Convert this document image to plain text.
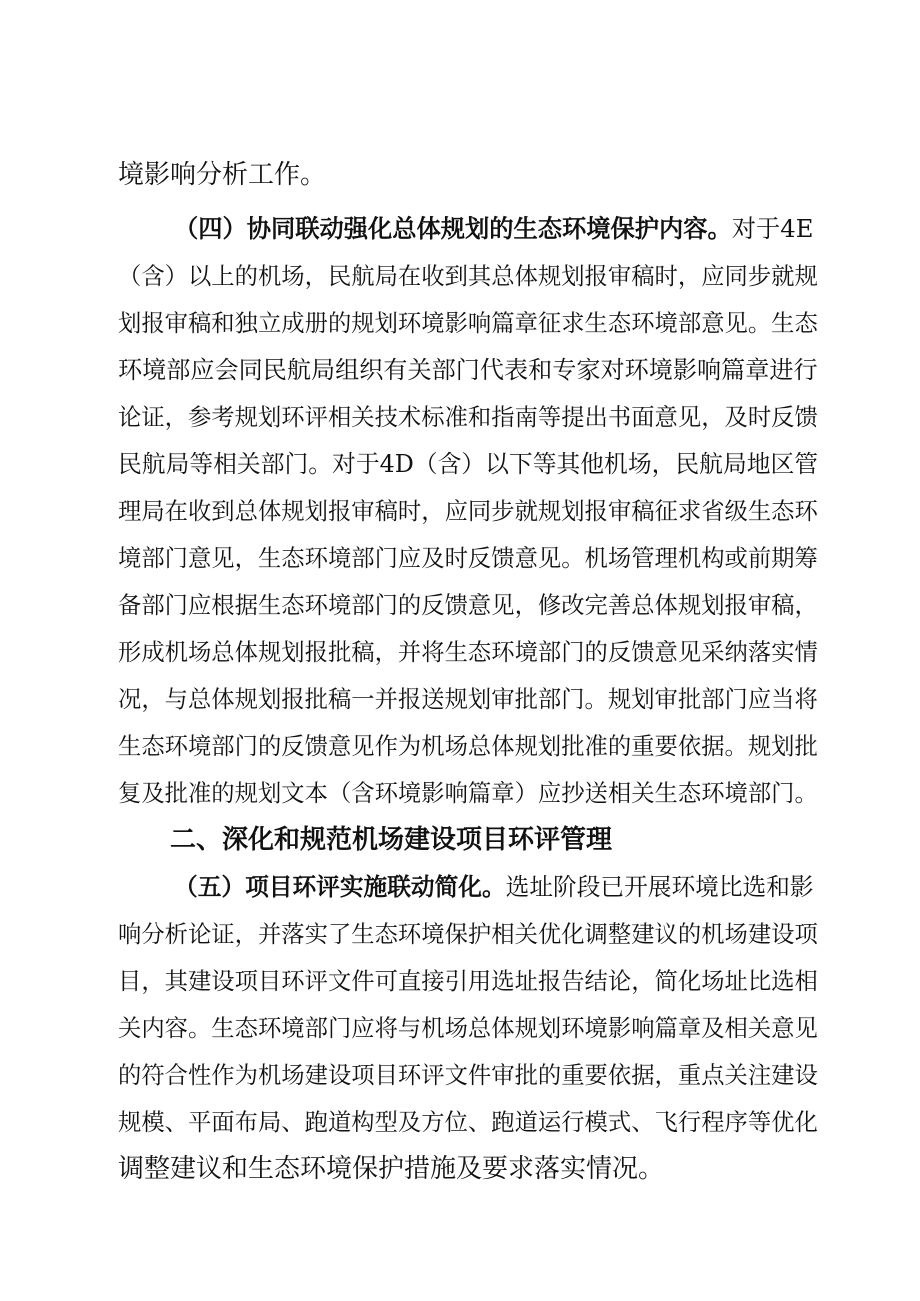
境影响分析工作。
（四）协同联动强化总体规划的生态环境保护内容。对于4E
（含）以上的机场，民航局在收到其总体规划报审稿时，应同步就规
划报审稿和独立成册的规划环境影响篇章征求生态环境部意见。生态
环境部应会同民航局组织有关部门代表和专家对环境影响篇章进行
论证，参考规划环评相关技术标准和指南等提出书面意见，及时反馈
民航局等相关部门。对于4D（含）以下等其他机场，民航局地区管
理局在收到总体规划报审稿时，应同步就规划报审稿征求省级生态环
境部门意见，生态环境部门应及时反馈意见。机场管理机构或前期筹
备部门应根据生态环境部门的反馈意见，修改完善总体规划报审稿，
形成机场总体规划报批稿，并将生态环境部门的反馈意见采纳落实情
况，与总体规划报批稿一并报送规划审批部门。规划审批部门应当将
生态环境部门的反馈意见作为机场总体规划批准的重要依据。规划批
复及批准的规划文本（含环境影响篇章）应抄送相关生态环境部门。
二、深化和规范机场建设项目环评管理
（五）项目环评实施联动简化。选址阶段已开展环境比选和影
响分析论证，并落实了生态环境保护相关优化调整建议的机场建设项
目，其建设项目环评文件可直接引用选址报告结论，简化场址比选相
关内容。生态环境部门应将与机场总体规划环境影响篇章及相关意见
的符合性作为机场建设项目环评文件审批的重要依据，重点关注建设
规模、平面布局、跑道构型及方位、跑道运行模式、飞行程序等优化
调整建议和生态环境保护措施及要求落实情况。
